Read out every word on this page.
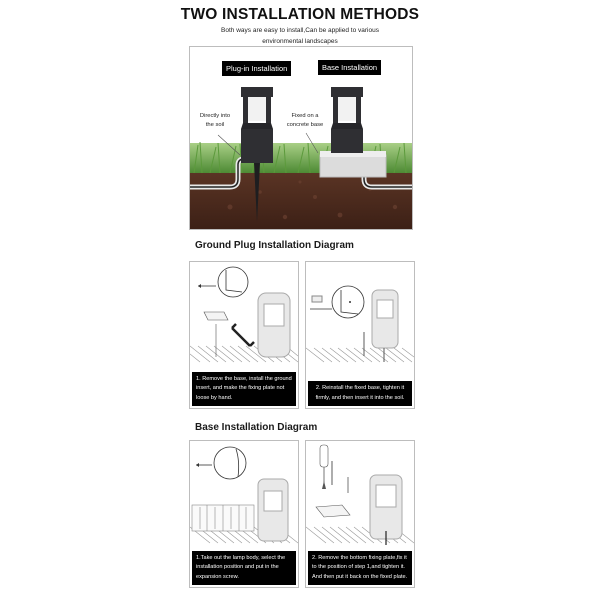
TWO INSTALLATION METHODS
Both ways are easy to install,Can be applied to various
environmental landscapes
Plug-in Installation	Base Installation
Directly into
the soil
Fixed on a
concrete base
Ground Plug Installation Diagram
1. Remove the base, install the ground insert, and make the fixing plate not loose by hand.
2. Reinstall the fixed base, tighten it firmly, and then insert it into the soil.
Base Installation Diagram
1.Take out the lamp body, select the installation position and put in the expansion screw.
2. Remove the bottom fixing plate,fix it to the position of step 1,and tighten it. And then put it back on the fixed plate.
